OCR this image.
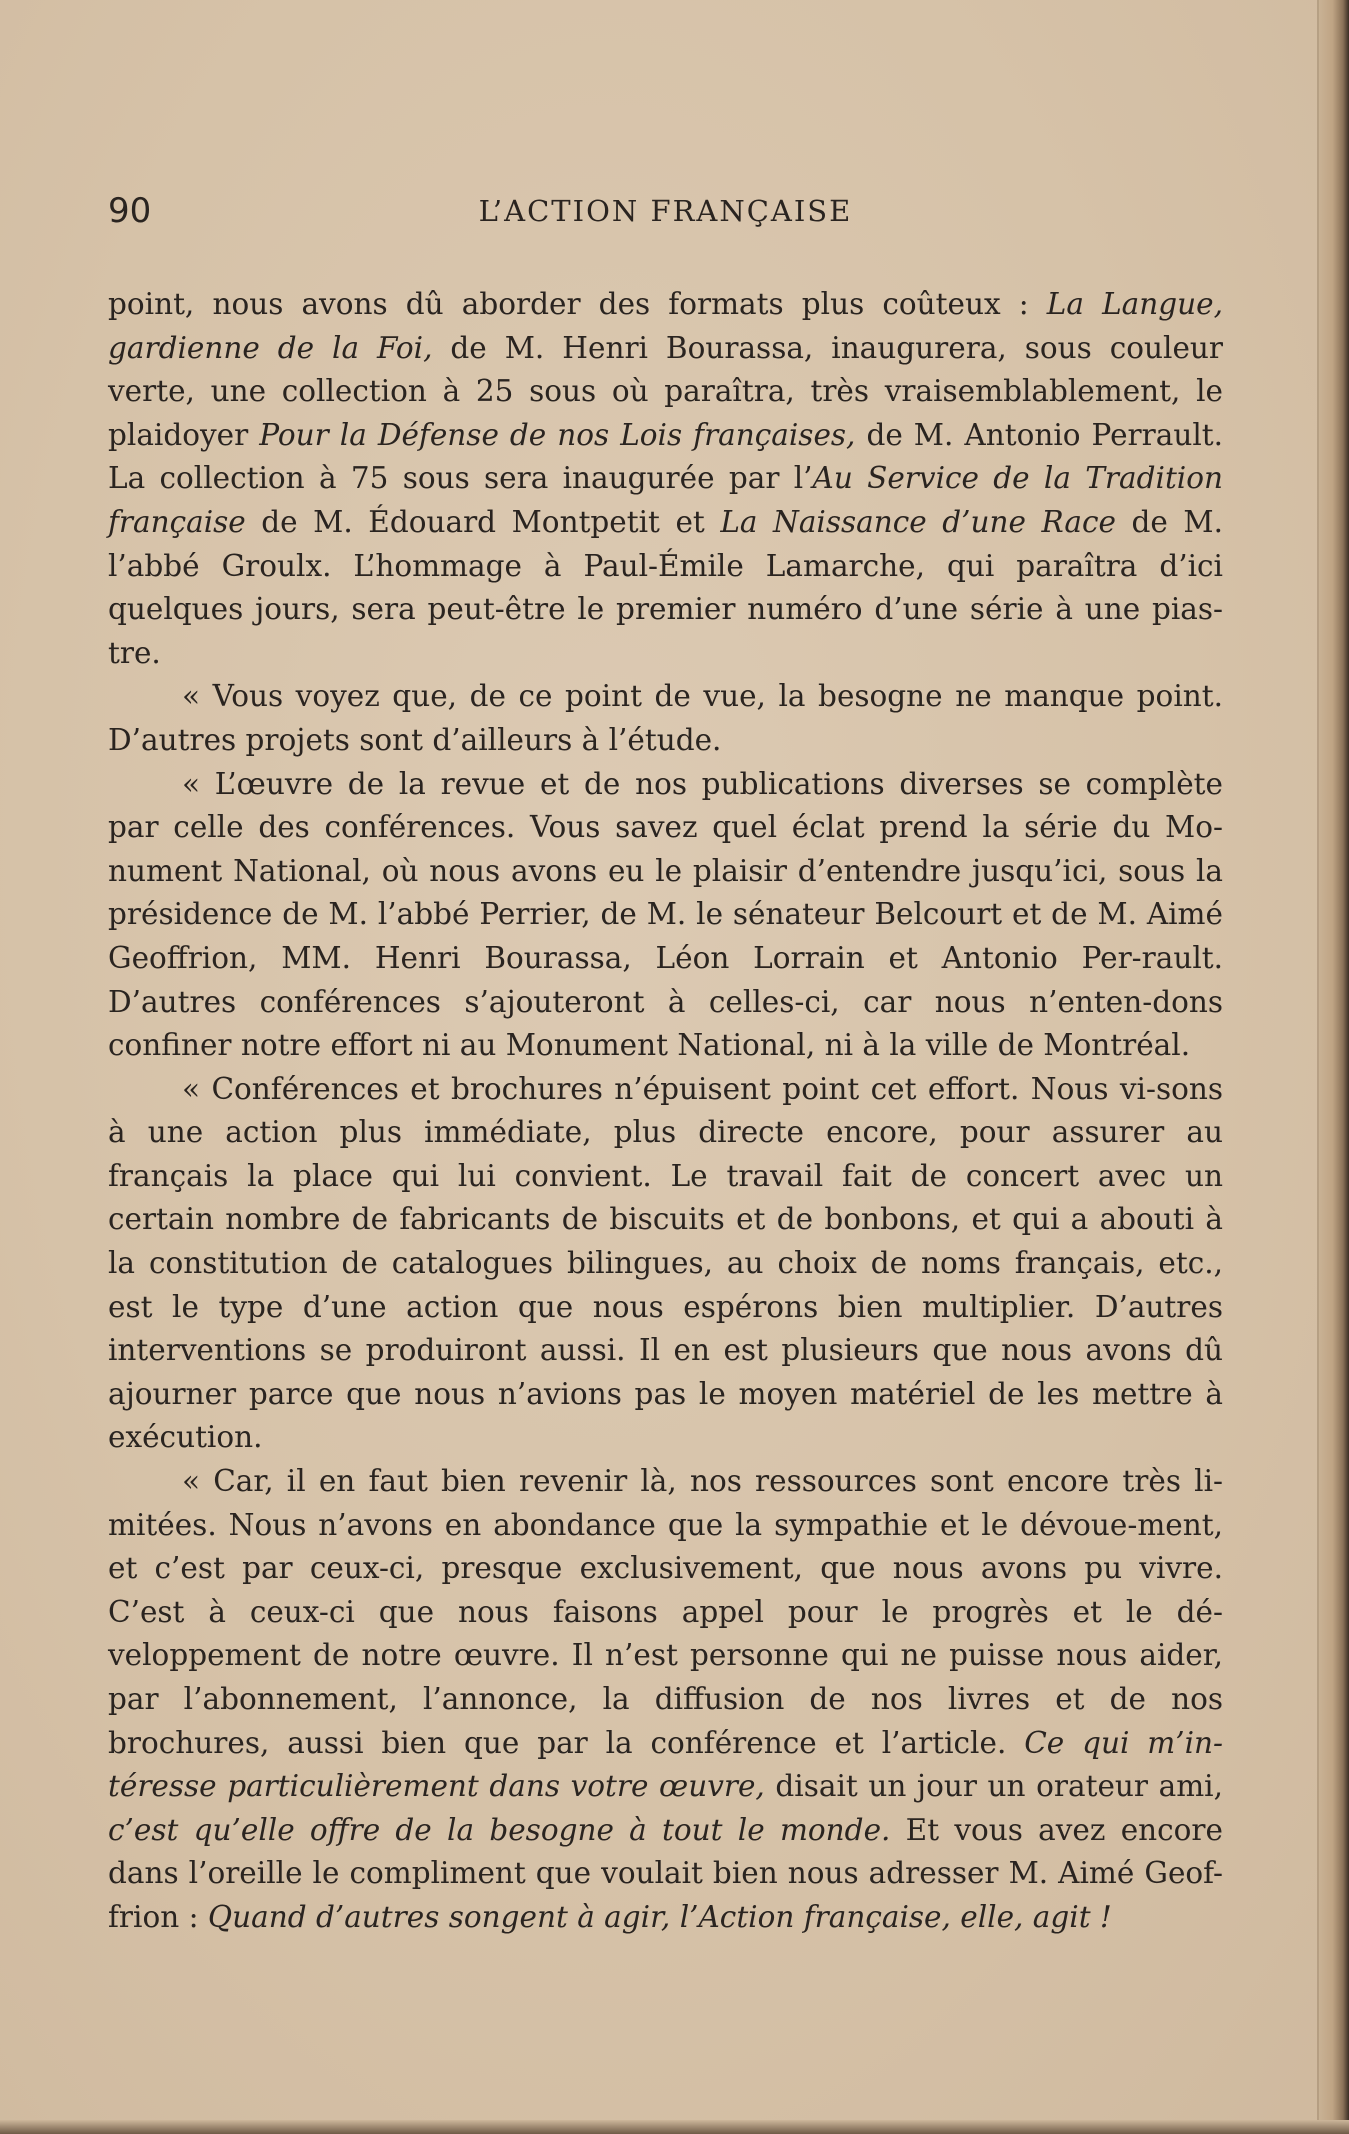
90	L’ACTION FRANÇAISE

point, nous avons dû aborder des formats plus coûteux : La Langue, gardienne de la Foi, de M. Henri Bourassa, inaugurera, sous couleur verte, une collection à 25 sous où paraîtra, très vraisemblablement, le plaidoyer Pour la Défense de nos Lois françaises, de M. Antonio Perrault. La collection à 75 sous sera inaugurée par l’Au Service de la Tradition française de M. Édouard Montpetit et La Naissance d’une Race de M. l’abbé Groulx. L’hommage à Paul-Émile Lamarche, qui paraîtra d’ici quelques jours, sera peut-être le premier numéro d’une série à une pias-tre.

« Vous voyez que, de ce point de vue, la besogne ne manque point. D’autres projets sont d’ailleurs à l’étude.

« L’œuvre de la revue et de nos publications diverses se complète par celle des conférences. Vous savez quel éclat prend la série du Mo-nument National, où nous avons eu le plaisir d’entendre jusqu’ici, sous la présidence de M. l’abbé Perrier, de M. le sénateur Belcourt et de M. Aimé Geoffrion, MM. Henri Bourassa, Léon Lorrain et Antonio Per-rault. D’autres conférences s’ajouteront à celles-ci, car nous n’enten-dons confiner notre effort ni au Monument National, ni à la ville de Montréal.

« Conférences et brochures n’épuisent point cet effort. Nous vi-sons à une action plus immédiate, plus directe encore, pour assurer au français la place qui lui convient. Le travail fait de concert avec un certain nombre de fabricants de biscuits et de bonbons, et qui a abouti à la constitution de catalogues bilingues, au choix de noms français, etc., est le type d’une action que nous espérons bien multiplier. D’autres interventions se produiront aussi. Il en est plusieurs que nous avons dû ajourner parce que nous n’avions pas le moyen matériel de les mettre à exécution.

« Car, il en faut bien revenir là, nos ressources sont encore très li-mitées. Nous n’avons en abondance que la sympathie et le dévoue-ment, et c’est par ceux-ci, presque exclusivement, que nous avons pu vivre. C’est à ceux-ci que nous faisons appel pour le progrès et le dé-veloppement de notre œuvre. Il n’est personne qui ne puisse nous aider, par l’abonnement, l’annonce, la diffusion de nos livres et de nos brochures, aussi bien que par la conférence et l’article. Ce qui m’in-téresse particulièrement dans votre œuvre, disait un jour un orateur ami, c’est qu’elle offre de la besogne à tout le monde. Et vous avez encore dans l’oreille le compliment que voulait bien nous adresser M. Aimé Geof-frion : Quand d’autres songent à agir, l’Action française, elle, agit !
